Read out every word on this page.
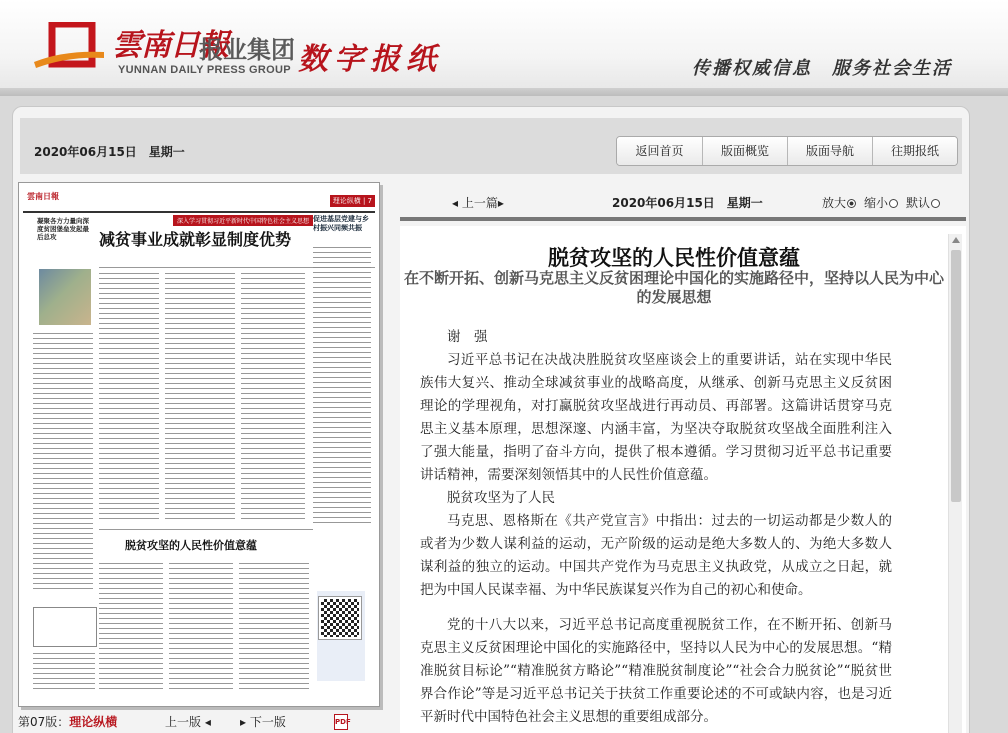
雲南日報
报业集团
YUNNAN DAILY PRESS GROUP 数字报纸	传播权威信息　服务社会生活
2020年06月15日　星期一	返回首页	版面概览	版面导航	往期报纸
雲南日報	理论纵横 | 7
深入学习贯彻习近平新时代中国特色社会主义思想
减贫事业成就彰显制度优势
凝聚各方力量向深度贫困堡垒发起最后总攻
促进基层党建与乡村振兴同频共振
脱贫攻坚的人民性价值意蕴
第07版：理论纵横	上一版 ◂ ▸ 下一版	PDF
◂ 上一篇▸	2020年06月15日　星期一	放大	缩小	默认
脱贫攻坚的人民性价值意蕴
在不断开拓、创新马克思主义反贫困理论中国化的实施路径中，坚持以人民为中心的发展思想

谢　强

习近平总书记在决战决胜脱贫攻坚座谈会上的重要讲话，站在实现中华民族伟大复兴、推动全球减贫事业的战略高度，从继承、创新马克思主义反贫困理论的学理视角，对打赢脱贫攻坚战进行再动员、再部署。这篇讲话贯穿马克思主义基本原理，思想深邃、内涵丰富，为坚决夺取脱贫攻坚战全面胜利注入了强大能量，指明了奋斗方向，提供了根本遵循。学习贯彻习近平总书记重要讲话精神，需要深刻领悟其中的人民性价值意蕴。

脱贫攻坚为了人民

马克思、恩格斯在《共产党宣言》中指出：过去的一切运动都是少数人的或者为少数人谋利益的运动，无产阶级的运动是绝大多数人的、为绝大多数人谋利益的独立的运动。中国共产党作为马克思主义执政党，从成立之日起，就把为中国人民谋幸福、为中华民族谋复兴作为自己的初心和使命。

党的十八大以来，习近平总书记高度重视脱贫工作，在不断开拓、创新马克思主义反贫困理论中国化的实施路径中，坚持以人民为中心的发展思想。“精准脱贫目标论”“精准脱贫方略论”“精准脱贫制度论”“社会合力脱贫论”“脱贫世界合作论”等是习近平总书记关于扶贫工作重要论述的不可或缺内容，也是习近平新时代中国特色社会主义思想的重要组成部分。
